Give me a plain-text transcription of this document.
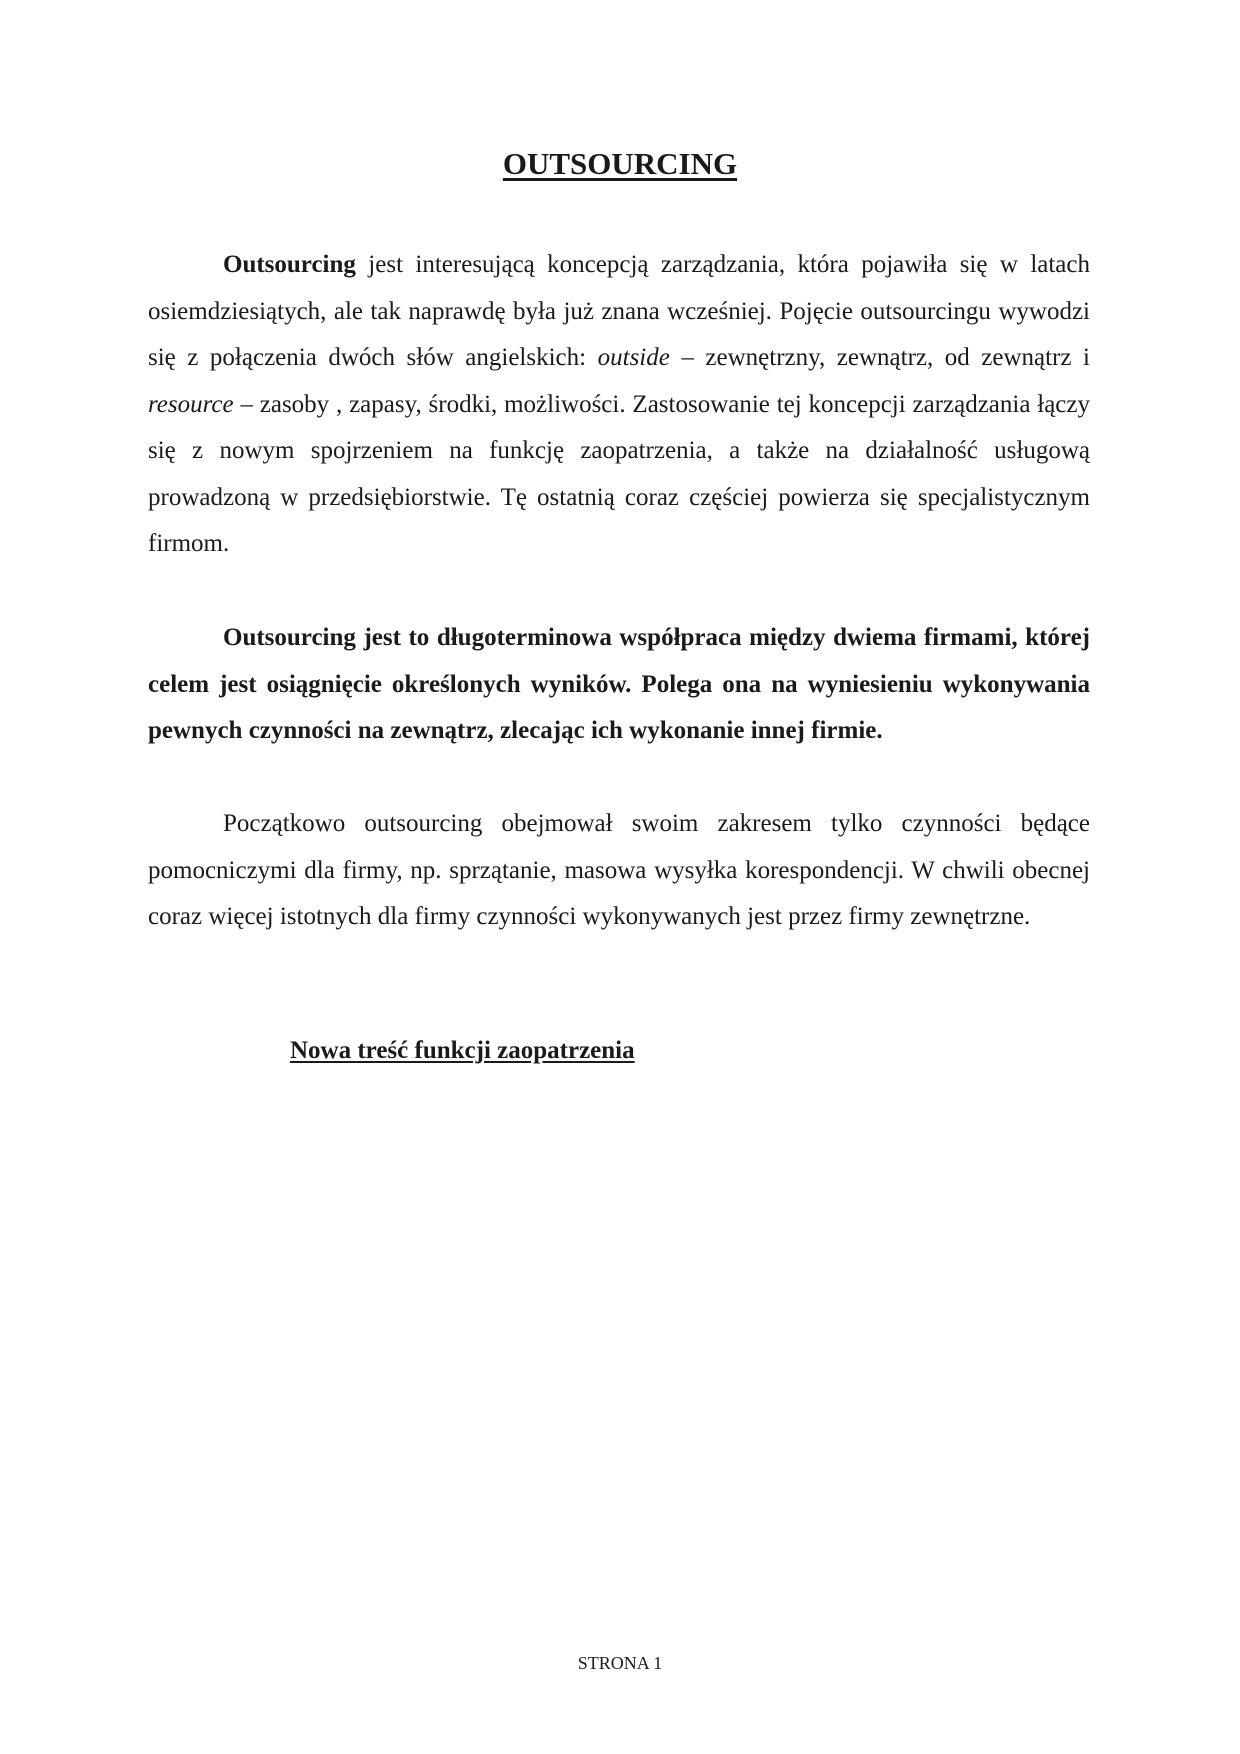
OUTSOURCING

Outsourcing jest interesującą koncepcją zarządzania, która pojawiła się w latach osiemdziesiątych, ale tak naprawdę była już znana wcześniej. Pojęcie outsourcingu wywodzi się z połączenia dwóch słów angielskich: outside – zewnętrzny, zewnątrz, od zewnątrz i resource – zasoby , zapasy, środki, możliwości. Zastosowanie tej koncepcji zarządzania łączy się z nowym spojrzeniem na funkcję zaopatrzenia, a także na działalność usługową prowadzoną w przedsiębiorstwie. Tę ostatnią coraz częściej powierza się specjalistycznym firmom.

Outsourcing jest to długoterminowa współpraca między dwiema firmami, której celem jest osiągnięcie określonych wyników. Polega ona na wyniesieniu wykonywania pewnych czynności na zewnątrz, zlecając ich wykonanie innej firmie.

Początkowo outsourcing obejmował swoim zakresem tylko czynności będące pomocniczymi dla firmy, np. sprzątanie, masowa wysyłka korespondencji. W chwili obecnej coraz więcej istotnych dla firmy czynności wykonywanych jest przez firmy zewnętrzne.

Nowa treść funkcji zaopatrzenia
STRONA 1
